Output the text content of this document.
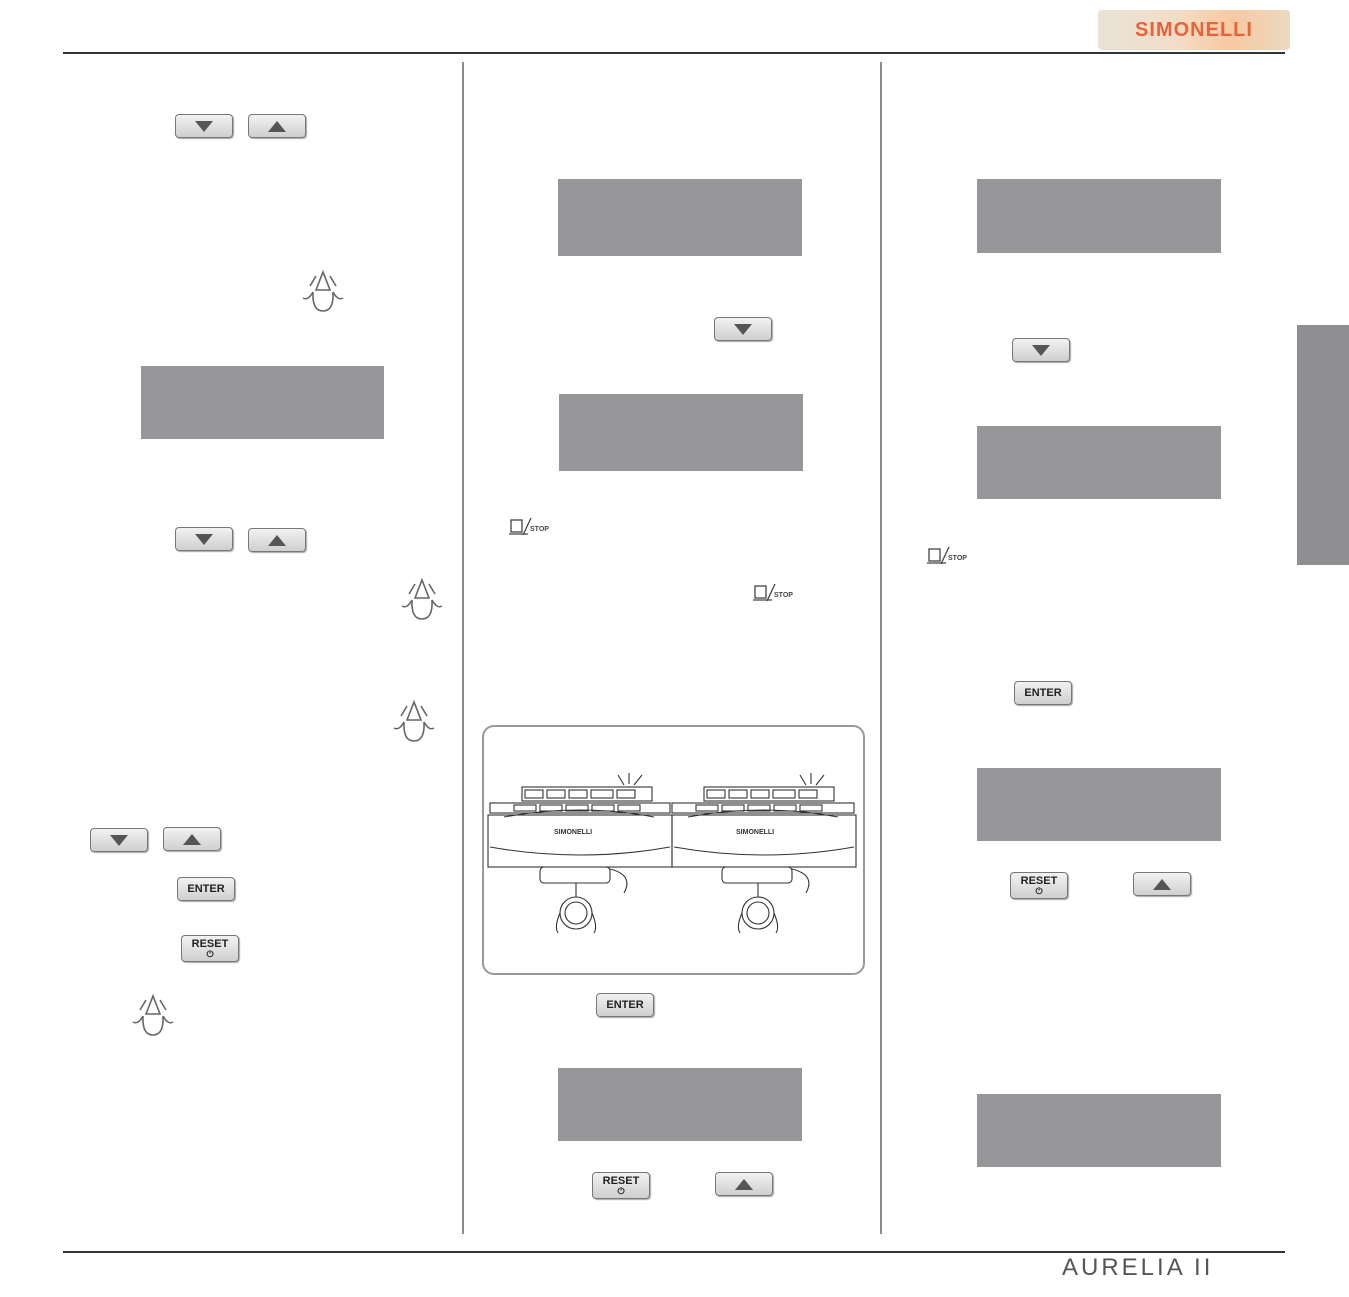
SIMONELLI
ENTER
RESET
⏻
STOP
STOP
SIMONELLI	SIMONELLI
ENTER
RESET
⏻
STOP
ENTER
RESET
⏻
AURELIA II
